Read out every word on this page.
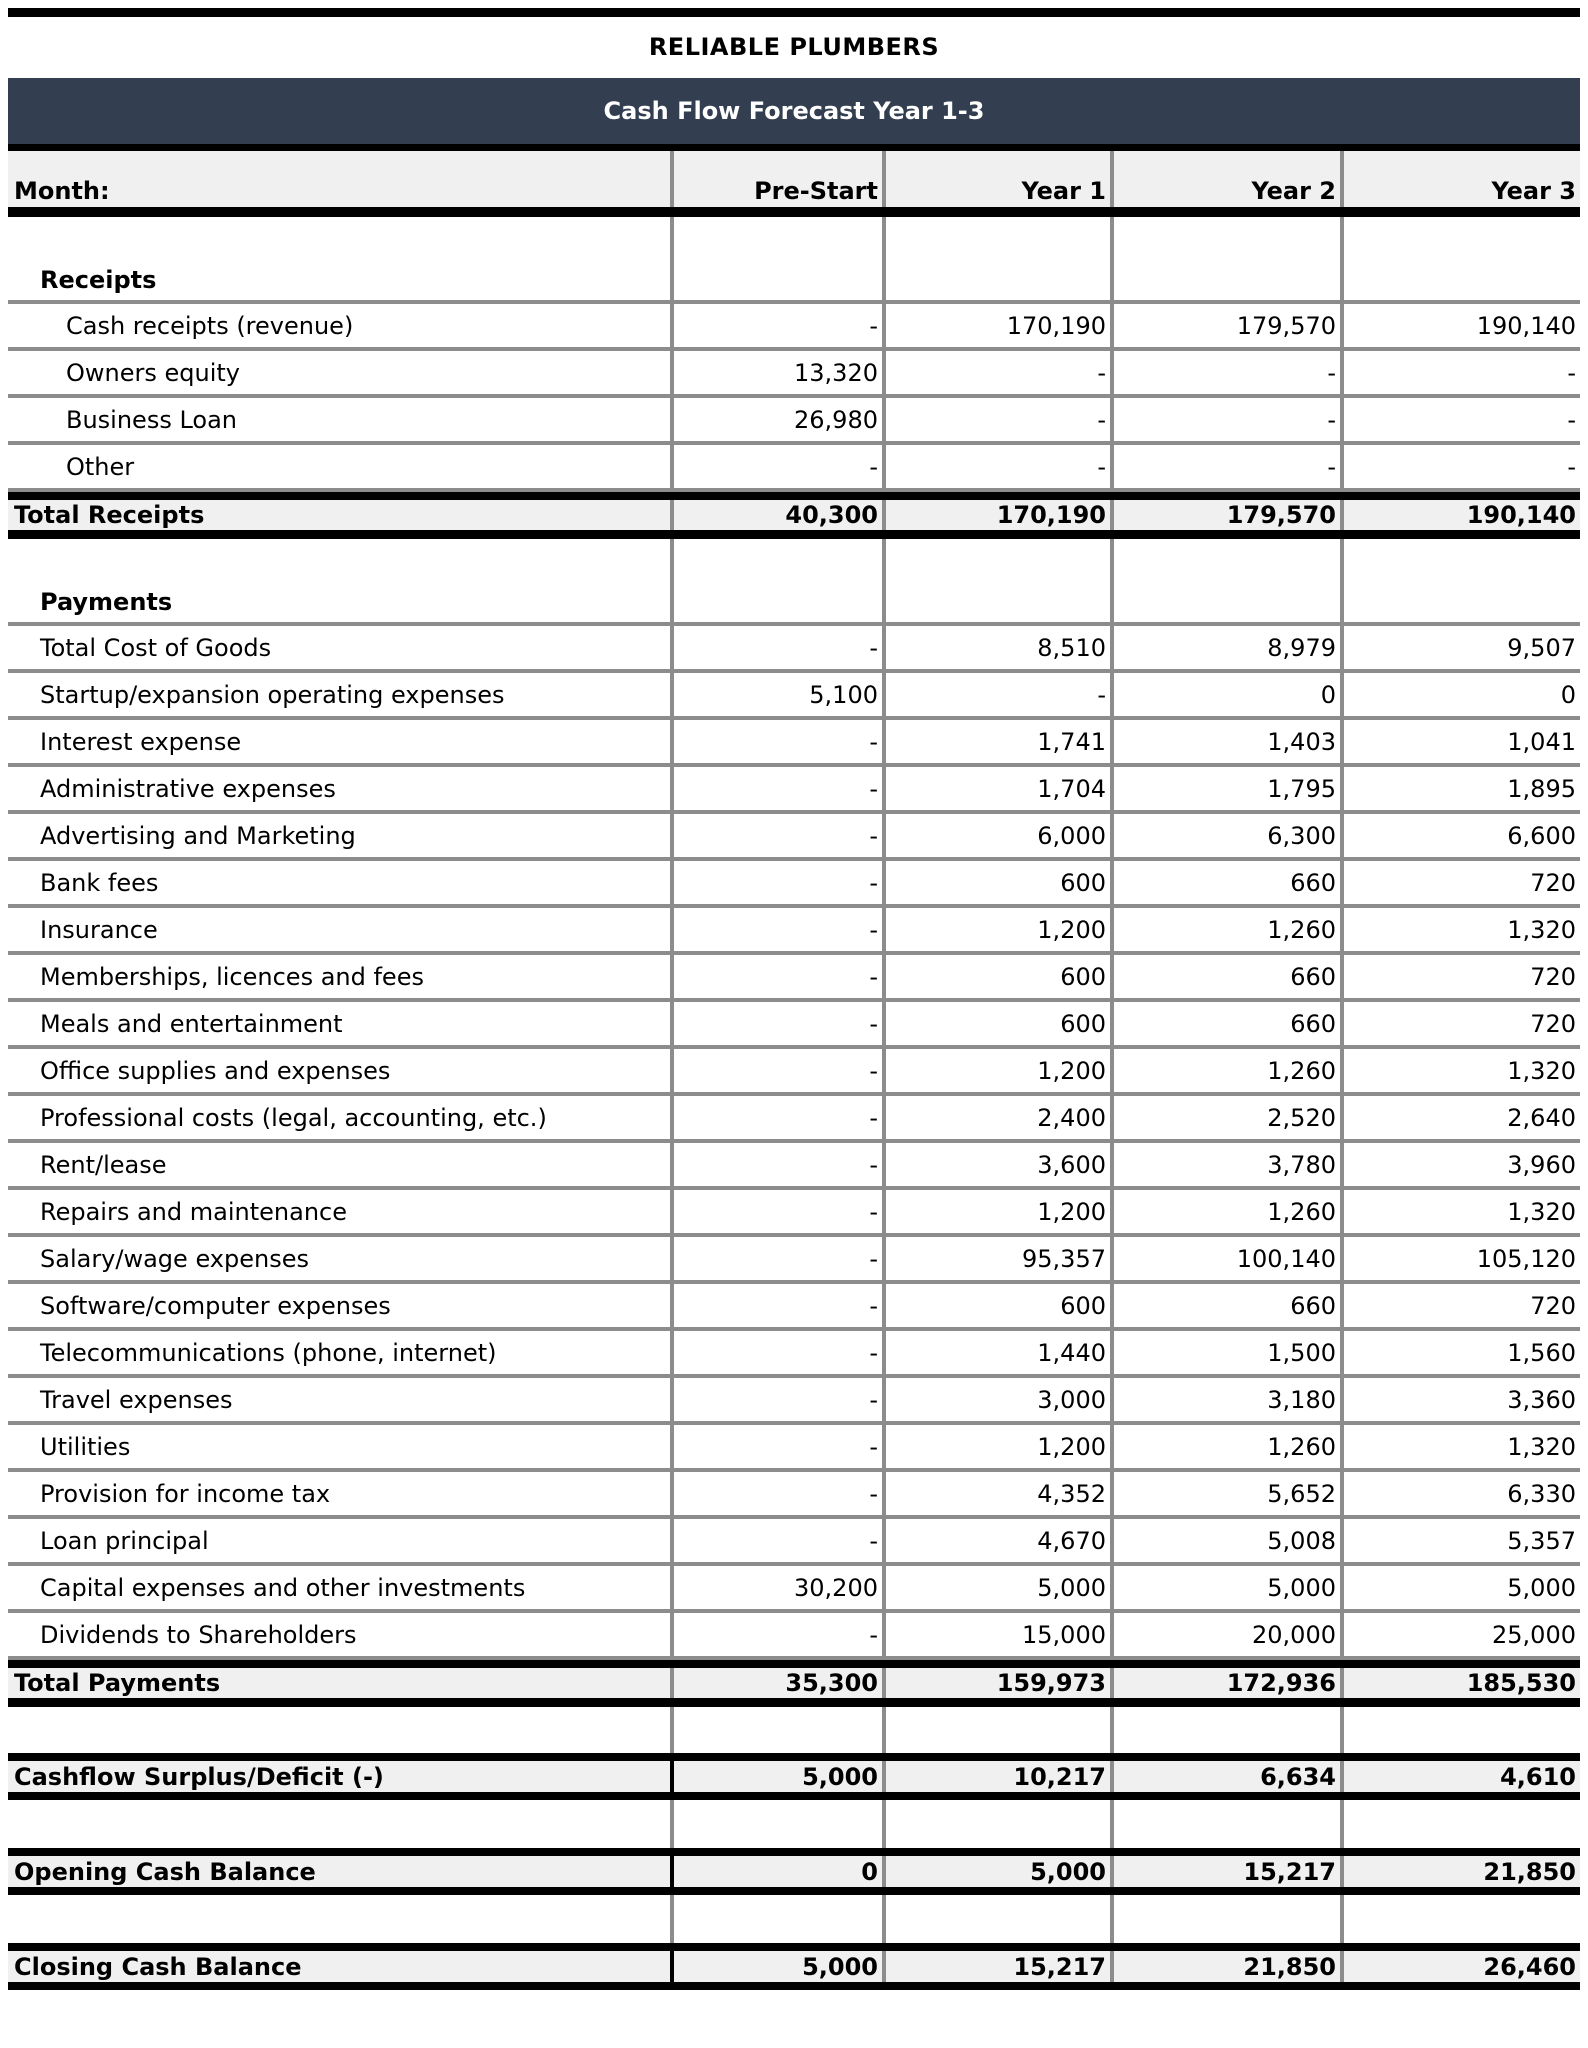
RELIABLE PLUMBERS
Cash Flow Forecast Year 1-3
Month:	Pre-Start	Year 1	Year 2	Year 3
Receipts
Cash receipts (revenue)	-	170,190	179,570	190,140
Owners equity	13,320	-	-	-
Business Loan	26,980	-	-	-
Other	-	-	-	-
Total Receipts	40,300	170,190	179,570	190,140
Payments
Total Cost of Goods	-	8,510	8,979	9,507
Startup/expansion operating expenses	5,100	-	0	0
Interest expense	-	1,741	1,403	1,041
Administrative expenses	-	1,704	1,795	1,895
Advertising and Marketing	-	6,000	6,300	6,600
Bank fees	-	600	660	720
Insurance	-	1,200	1,260	1,320
Memberships, licences and fees	-	600	660	720
Meals and entertainment	-	600	660	720
Office supplies and expenses	-	1,200	1,260	1,320
Professional costs (legal, accounting, etc.)	-	2,400	2,520	2,640
Rent/lease	-	3,600	3,780	3,960
Repairs and maintenance	-	1,200	1,260	1,320
Salary/wage expenses	-	95,357	100,140	105,120
Software/computer expenses	-	600	660	720
Telecommunications (phone, internet)	-	1,440	1,500	1,560
Travel expenses	-	3,000	3,180	3,360
Utilities	-	1,200	1,260	1,320
Provision for income tax	-	4,352	5,652	6,330
Loan principal	-	4,670	5,008	5,357
Capital expenses and other investments	30,200	5,000	5,000	5,000
Dividends to Shareholders	-	15,000	20,000	25,000
Total Payments	35,300	159,973	172,936	185,530
Cashflow Surplus/Deficit (-)	5,000	10,217	6,634	4,610
Opening Cash Balance	0	5,000	15,217	21,850
Closing Cash Balance	5,000	15,217	21,850	26,460
